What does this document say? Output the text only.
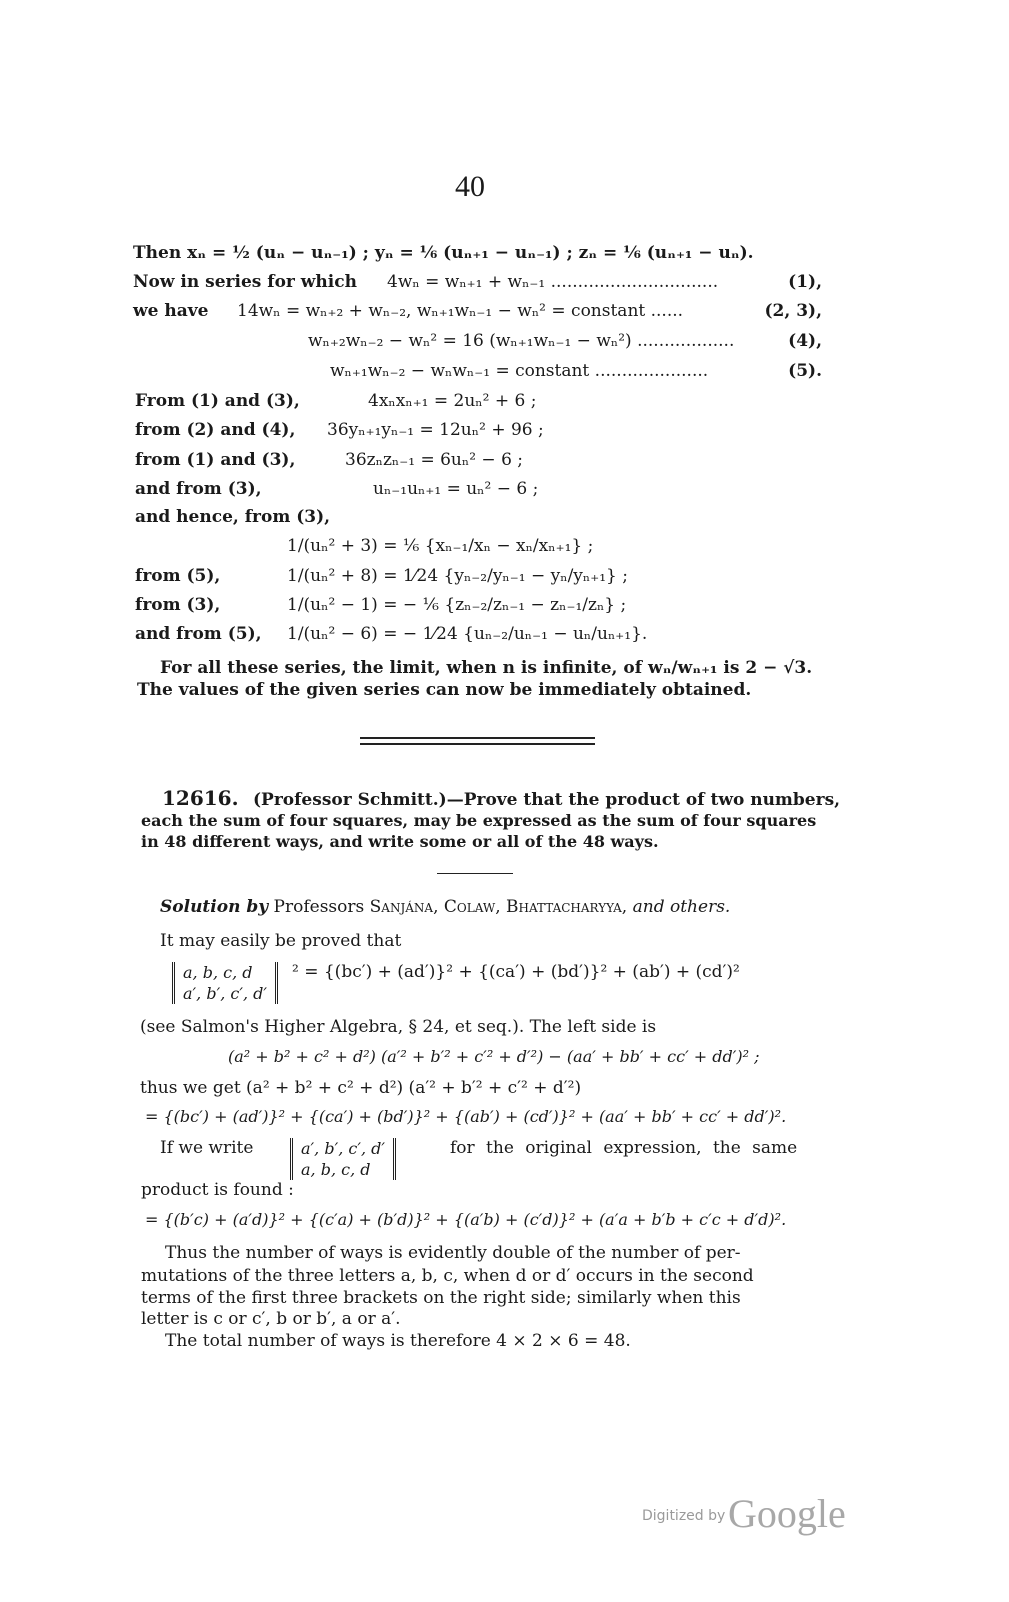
40
Then xₙ = ½ (uₙ − uₙ₋₁) ; yₙ = ⅙ (uₙ₊₁ − uₙ₋₁) ; zₙ = ⅙ (uₙ₊₁ − uₙ).
Now in series for which 4wₙ = wₙ₊₁ + wₙ₋₁ ...............................	(1),
we have 14wₙ = wₙ₊₂ + wₙ₋₂, wₙ₊₁wₙ₋₁ − wₙ² = constant ......	(2, 3),
wₙ₊₂wₙ₋₂ − wₙ² = 16 (wₙ₊₁wₙ₋₁ − wₙ²) ..................	(4),
wₙ₊₁wₙ₋₂ − wₙwₙ₋₁ = constant .....................	(5).
From (1) and (3),	4xₙxₙ₊₁ = 2uₙ² + 6 ;
from (2) and (4), 36yₙ₊₁yₙ₋₁ = 12uₙ² + 96 ;
from (1) and (3),	36zₙzₙ₋₁ = 6uₙ² − 6 ;
and from (3),	uₙ₋₁uₙ₊₁ = uₙ² − 6 ;
and hence, from (3),
1/(uₙ² + 3) = ⅙ {xₙ₋₁/xₙ − xₙ/xₙ₊₁} ;
from (5),	1/(uₙ² + 8) = 1⁄24 {yₙ₋₂/yₙ₋₁ − yₙ/yₙ₊₁} ;
from (3),	1/(uₙ² − 1) = − ⅙ {zₙ₋₂/zₙ₋₁ − zₙ₋₁/zₙ} ;
and from (5), 1/(uₙ² − 6) = − 1⁄24 {uₙ₋₂/uₙ₋₁ − uₙ/uₙ₊₁}.
For all these series, the limit, when n is infinite, of wₙ/wₙ₊₁ is 2 − √3.
The values of the given series can now be immediately obtained.
12616. (Professor Schmitt.)—Prove that the product of two numbers,
each the sum of four squares, may be expressed as the sum of four squares
in 48 different ways, and write some or all of the 48 ways.
Solution by Professors Sanjána, Colaw, Bhattacharyya, and others.
It may easily be proved that
a, b, c, d
a′, b′, c′, d′
² = {(bc′) + (ad′)}² + {(ca′) + (bd′)}² + (ab′) + (cd′)²
(see Salmon's Higher Algebra, § 24, et seq.). The left side is
(a² + b² + c² + d²) (a′² + b′² + c′² + d′²) − (aa′ + bb′ + cc′ + dd′)² ;
thus we get (a² + b² + c² + d²) (a′² + b′² + c′² + d′²)
= {(bc′) + (ad′)}² + {(ca′) + (bd′)}² + {(ab′) + (cd′)}² + (aa′ + bb′ + cc′ + dd′)².
If we write	a′, b′, c′, d′
a, b, c, d
for the original expression, the same
product is found :
= {(b′c) + (a′d)}² + {(c′a) + (b′d)}² + {(a′b) + (c′d)}² + (a′a + b′b + c′c + d′d)².
Thus the number of ways is evidently double of the number of per-
mutations of the three letters a, b, c, when d or d′ occurs in the second
terms of the first three brackets on the right side; similarly when this
letter is c or c′, b or b′, a or a′.
The total number of ways is therefore 4 × 2 × 6 = 48.
Digitized by Google
